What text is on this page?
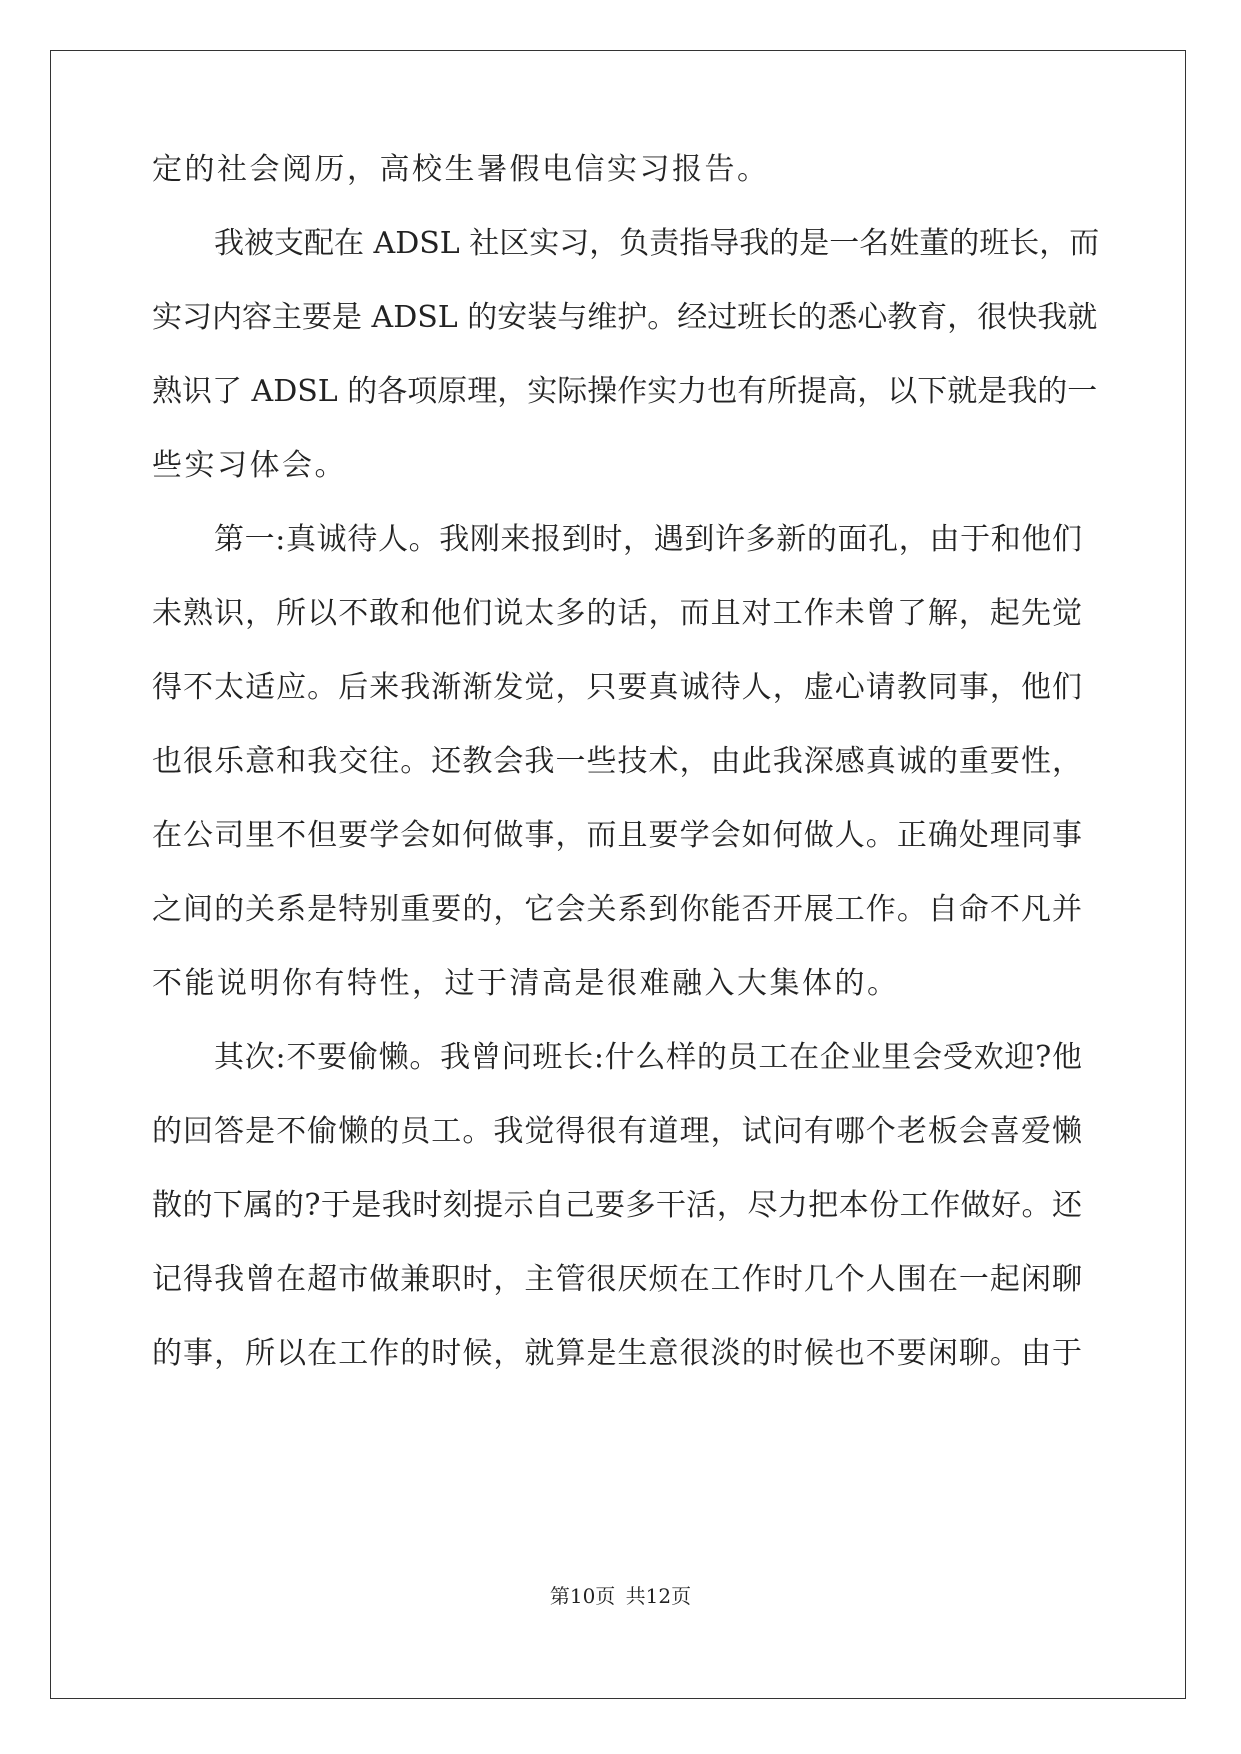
定的社会阅历，高校生暑假电信实习报告。
我被支配在 ADSL 社区实习，负责指导我的是一名姓董的班长，而
实习内容主要是 ADSL 的安装与维护。经过班长的悉心教育，很快我就
熟识了 ADSL 的各项原理，实际操作实力也有所提高，以下就是我的一
些实习体会。
第一:真诚待人。我刚来报到时，遇到许多新的面孔，由于和他们
未熟识，所以不敢和他们说太多的话，而且对工作未曾了解，起先觉
得不太适应。后来我渐渐发觉，只要真诚待人，虚心请教同事，他们
也很乐意和我交往。还教会我一些技术，由此我深感真诚的重要性，
在公司里不但要学会如何做事，而且要学会如何做人。正确处理同事
之间的关系是特别重要的，它会关系到你能否开展工作。自命不凡并
不能说明你有特性，过于清高是很难融入大集体的。
其次:不要偷懒。我曾问班长:什么样的员工在企业里会受欢迎?他
的回答是不偷懒的员工。我觉得很有道理，试问有哪个老板会喜爱懒
散的下属的?于是我时刻提示自己要多干活，尽力把本份工作做好。还
记得我曾在超市做兼职时，主管很厌烦在工作时几个人围在一起闲聊
的事，所以在工作的时候，就算是生意很淡的时候也不要闲聊。由于
第10页 共12页
